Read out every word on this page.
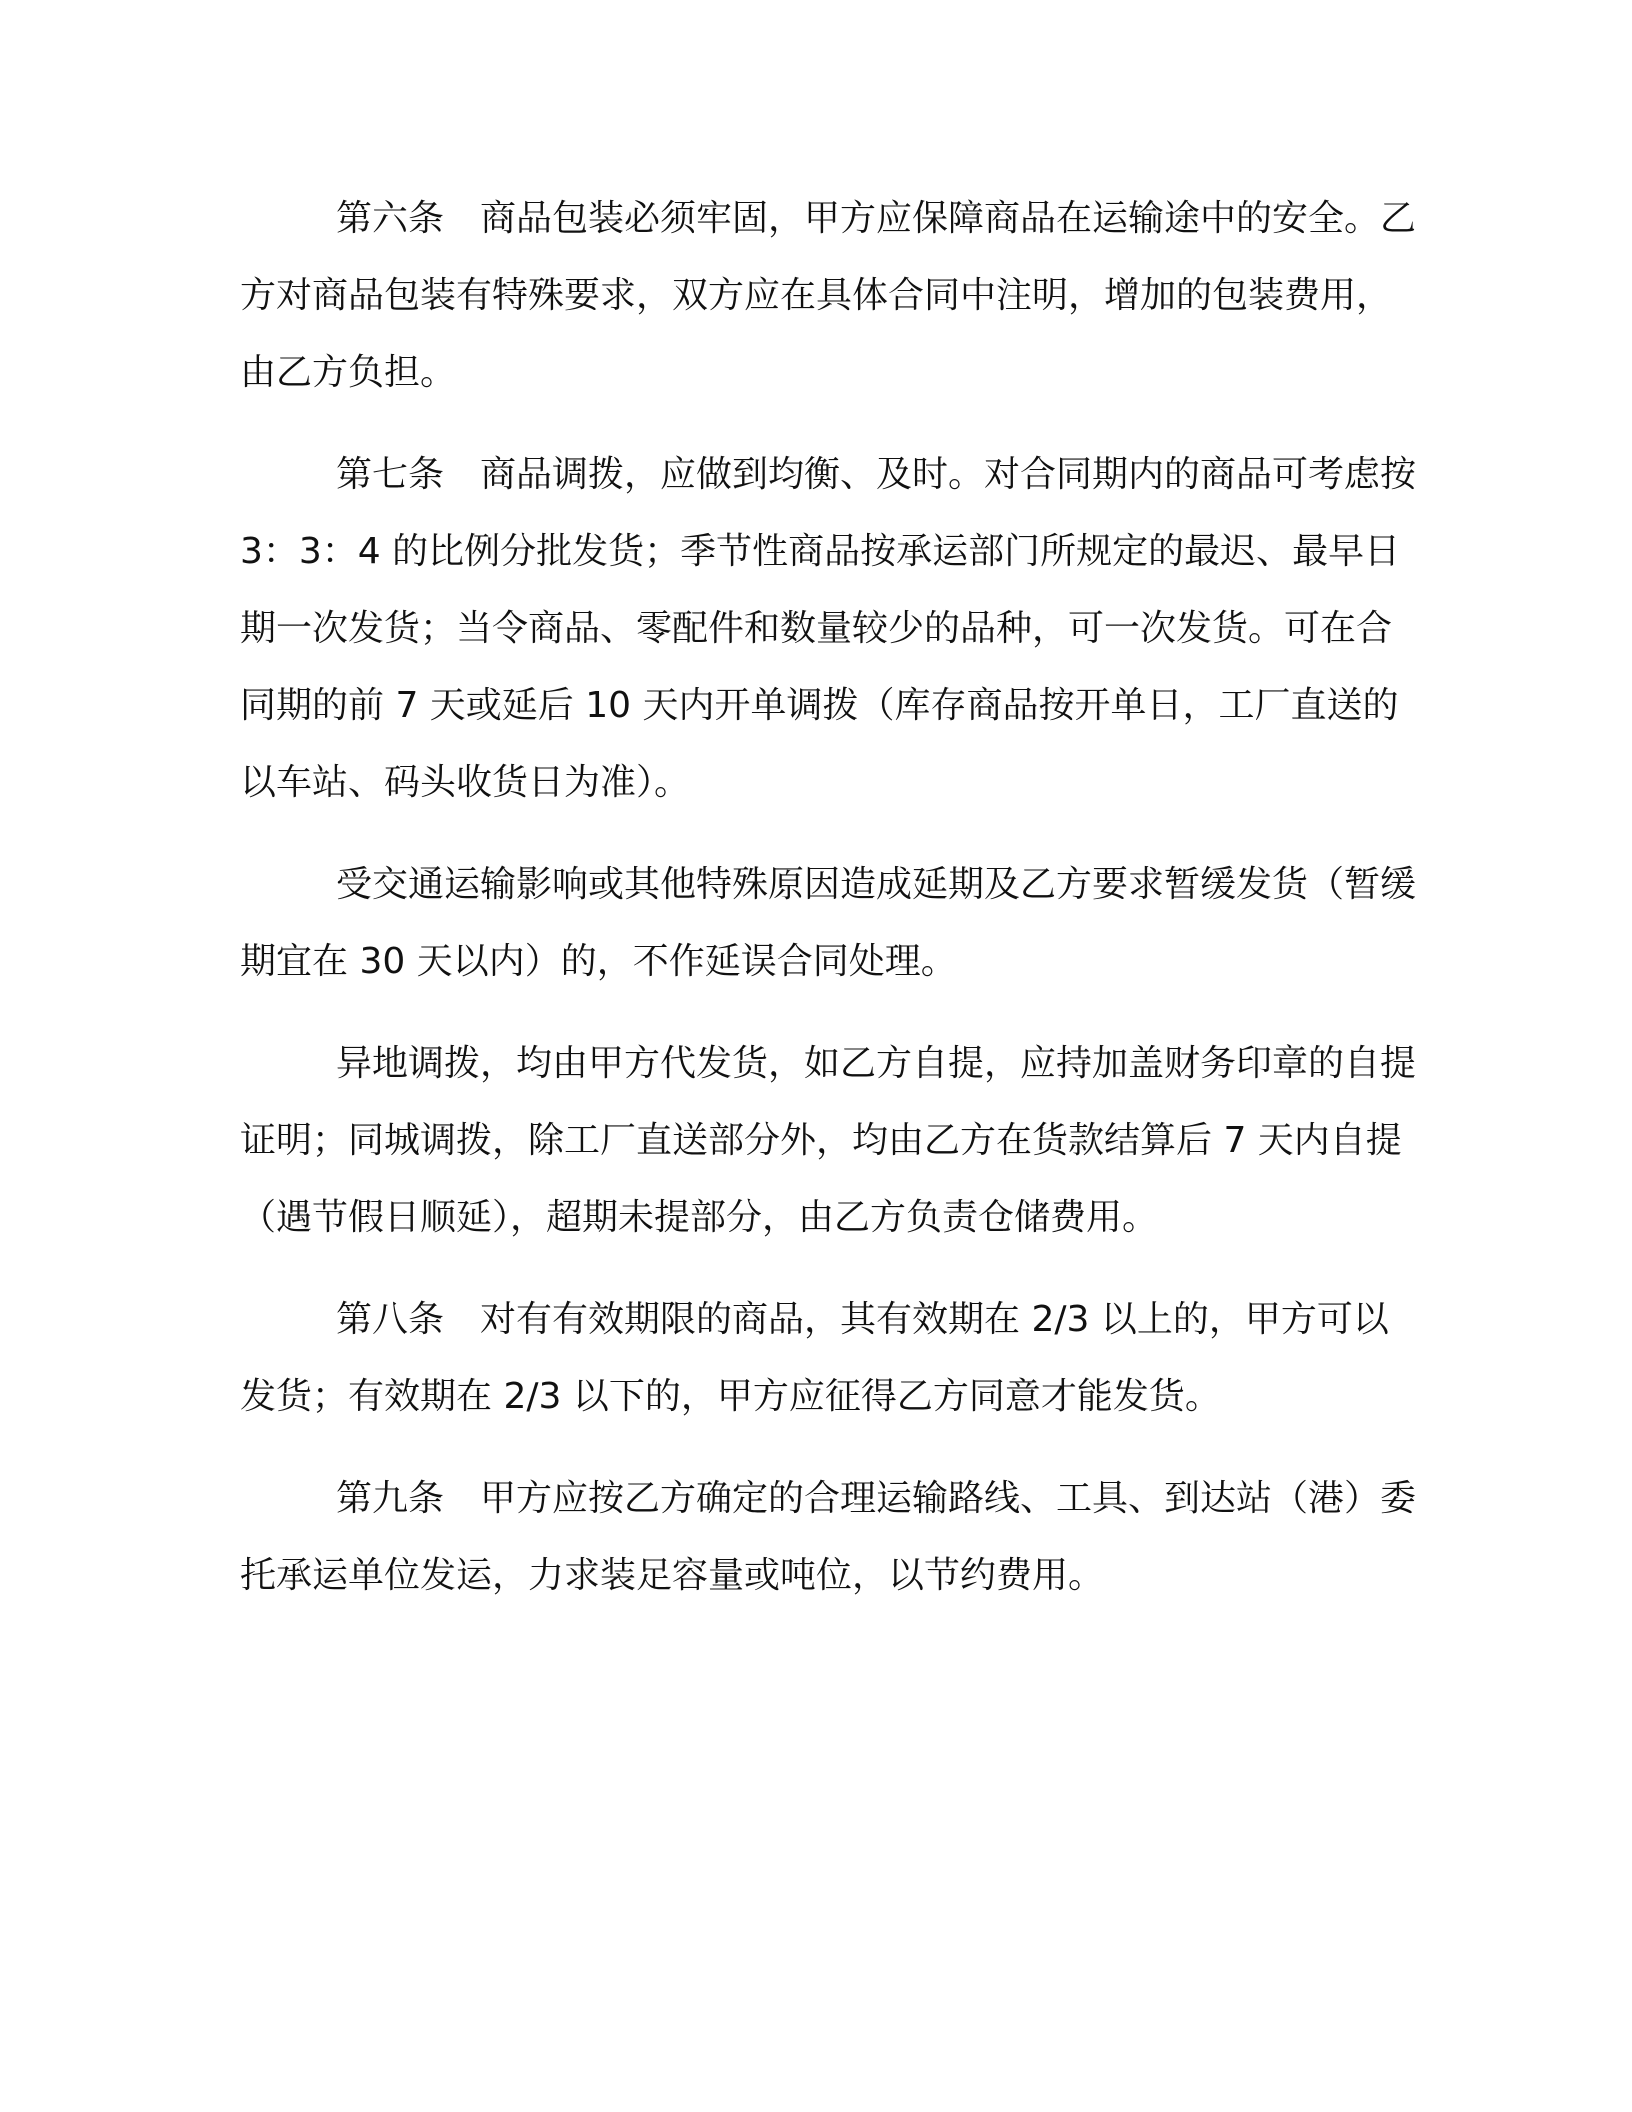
第六条　商品包装必须牢固，甲方应保障商品在运输途中的安全。乙方对商品包装有特殊要求，双方应在具体合同中注明，增加的包装费用，由乙方负担。

第七条　商品调拨，应做到均衡、及时。对合同期内的商品可考虑按 3：3：4 的比例分批发货；季节性商品按承运部门所规定的最迟、最早日期一次发货；当令商品、零配件和数量较少的品种，可一次发货。可在合同期的前 7 天或延后 10 天内开单调拨（库存商品按开单日，工厂直送的以车站、码头收货日为准）。

受交通运输影响或其他特殊原因造成延期及乙方要求暂缓发货（暂缓期宜在 30 天以内）的，不作延误合同处理。

异地调拨，均由甲方代发货，如乙方自提，应持加盖财务印章的自提证明；同城调拨，除工厂直送部分外，均由乙方在货款结算后 7 天内自提（遇节假日顺延），超期未提部分，由乙方负责仓储费用。

第八条　对有有效期限的商品，其有效期在 2/3 以上的，甲方可以发货；有效期在 2/3 以下的，甲方应征得乙方同意才能发货。

第九条　甲方应按乙方确定的合理运输路线、工具、到达站（港）委托承运单位发运，力求装足容量或吨位，以节约费用。
